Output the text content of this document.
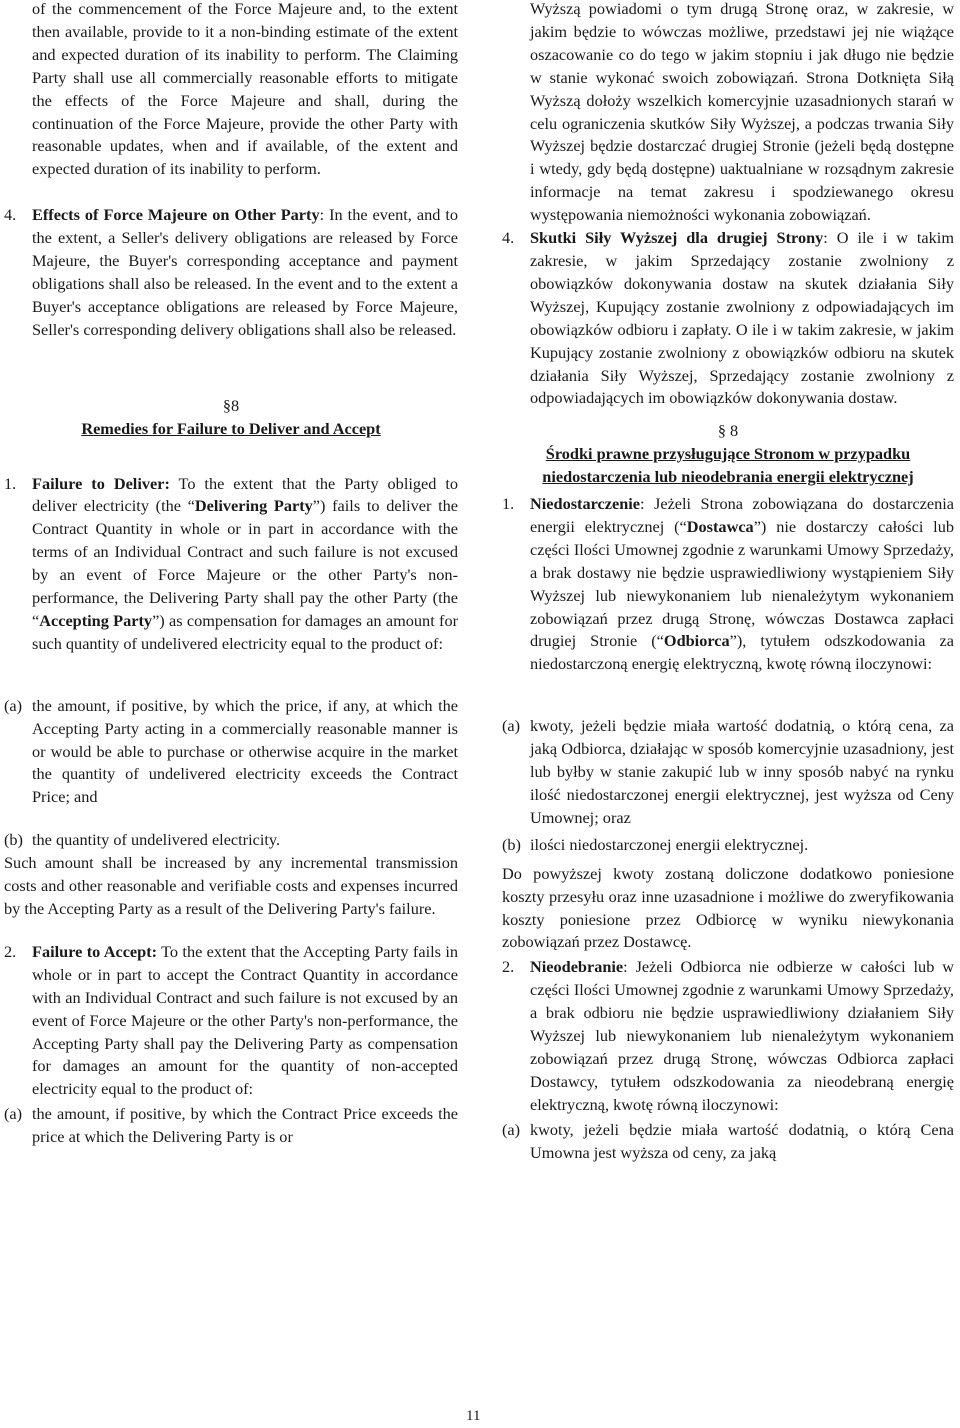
of the commencement of the Force Majeure and, to the extent then available, provide to it a non-binding estimate of the extent and expected duration of its inability to perform. The Claiming Party shall use all commercially reasonable efforts to mitigate the effects of the Force Majeure and shall, during the continuation of the Force Majeure, provide the other Party with reasonable updates, when and if available, of the extent and expected duration of its inability to perform.

4. Effects of Force Majeure on Other Party: In the event, and to the extent, a Seller's delivery obligations are released by Force Majeure, the Buyer's corresponding acceptance and payment obligations shall also be released. In the event and to the extent a Buyer's acceptance obligations are released by Force Majeure, Seller's corresponding delivery obligations shall also be released.
§8
Remedies for Failure to Deliver and Accept
1. Failure to Deliver: To the extent that the Party obliged to deliver electricity (the “Delivering Party”) fails to deliver the Contract Quantity in whole or in part in accordance with the terms of an Individual Contract and such failure is not excused by an event of Force Majeure or the other Party's non-performance, the Delivering Party shall pay the other Party (the “Accepting Party”) as compensation for damages an amount for such quantity of undelivered electricity equal to the product of:
(a) the amount, if positive, by which the price, if any, at which the Accepting Party acting in a commercially reasonable manner is or would be able to purchase or otherwise acquire in the market the quantity of undelivered electricity exceeds the Contract Price; and
(b) the quantity of undelivered electricity.

Such amount shall be increased by any incremental transmission costs and other reasonable and verifiable costs and expenses incurred by the Accepting Party as a result of the Delivering Party's failure.

2. Failure to Accept: To the extent that the Accepting Party fails in whole or in part to accept the Contract Quantity in accordance with an Individual Contract and such failure is not excused by an event of Force Majeure or the other Party's non-performance, the Accepting Party shall pay the Delivering Party as compensation for damages an amount for the quantity of non-accepted electricity equal to the product of:
(a) the amount, if positive, by which the Contract Price exceeds the price at which the Delivering Party is or

Wyższą powiadomi o tym drugą Stronę oraz, w zakresie, w jakim będzie to wówczas możliwe, przedstawi jej nie wiążące oszacowanie co do tego w jakim stopniu i jak długo nie będzie w stanie wykonać swoich zobowiązań. Strona Dotknięta Siłą Wyższą dołoży wszelkich komercyjnie uzasadnionych starań w celu ograniczenia skutków Siły Wyższej, a podczas trwania Siły Wyższej będzie dostarczać drugiej Stronie (jeżeli będą dostępne i wtedy, gdy będą dostępne) uaktualniane w rozsądnym zakresie informacje na temat zakresu i spodziewanego okresu występowania niemożności wykonania zobowiązań.

4. Skutki Siły Wyższej dla drugiej Strony: O ile i w takim zakresie, w jakim Sprzedający zostanie zwolniony z obowiązków dokonywania dostaw na skutek działania Siły Wyższej, Kupujący zostanie zwolniony z odpowiadających im obowiązków odbioru i zapłaty. O ile i w takim zakresie, w jakim Kupujący zostanie zwolniony z obowiązków odbioru na skutek działania Siły Wyższej, Sprzedający zostanie zwolniony z odpowiadających im obowiązków dokonywania dostaw.
§ 8
Środki prawne przysługujące Stronom w przypadku niedostarczenia lub nieodebrania energii elektrycznej
1. Niedostarczenie: Jeżeli Strona zobowiązana do dostarczenia energii elektrycznej (“Dostawca”) nie dostarczy całości lub części Ilości Umownej zgodnie z warunkami Umowy Sprzedaży, a brak dostawy nie będzie usprawiedliwiony wystąpieniem Siły Wyższej lub niewykonaniem lub nienależytym wykonaniem zobowiązań przez drugą Stronę, wówczas Dostawca zapłaci drugiej Stronie (“Odbiorca”), tytułem odszkodowania za niedostarczoną energię elektryczną, kwotę równą iloczynowi:
(a) kwoty, jeżeli będzie miała wartość dodatnią, o którą cena, za jaką Odbiorca, działając w sposób komercyjnie uzasadniony, jest lub byłby w stanie zakupić lub w inny sposób nabyć na rynku ilość niedostarczonej energii elektrycznej, jest wyższa od Ceny Umownej; oraz
(b) ilości niedostarczonej energii elektrycznej.

Do powyższej kwoty zostaną doliczone dodatkowo poniesione koszty przesyłu oraz inne uzasadnione i możliwe do zweryfikowania koszty poniesione przez Odbiorcę w wyniku niewykonania zobowiązań przez Dostawcę.

2. Nieodebranie: Jeżeli Odbiorca nie odbierze w całości lub w części Ilości Umownej zgodnie z warunkami Umowy Sprzedaży, a brak odbioru nie będzie usprawiedliwiony działaniem Siły Wyższej lub niewykonaniem lub nienależytym wykonaniem zobowiązań przez drugą Stronę, wówczas Odbiorca zapłaci Dostawcy, tytułem odszkodowania za nieodebraną energię elektryczną, kwotę równą iloczynowi:
(a) kwoty, jeżeli będzie miała wartość dodatnią, o którą Cena Umowna jest wyższa od ceny, za jaką
11
